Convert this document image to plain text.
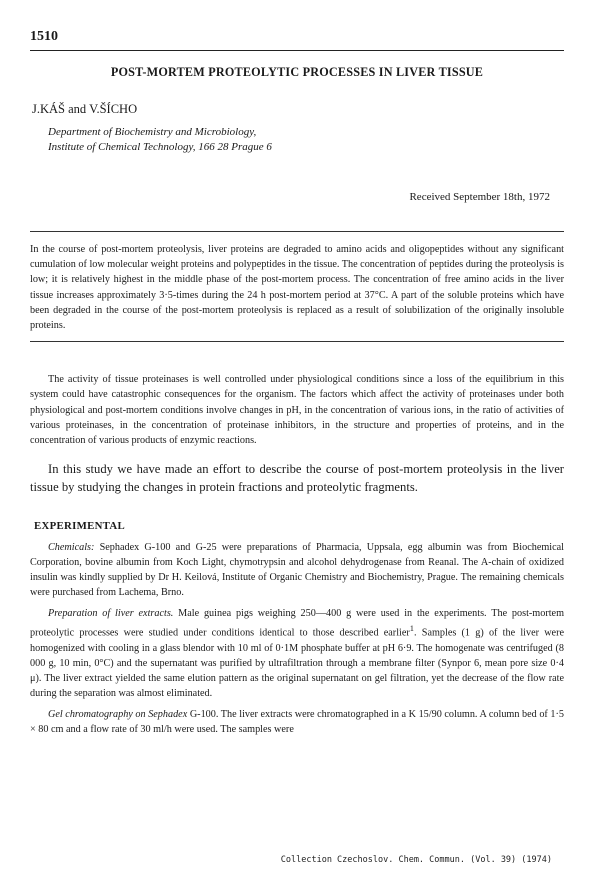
1510

POST-MORTEM PROTEOLYTIC PROCESSES IN LIVER TISSUE

J.KÁŠ and V.ŠÍCHO

Department of Biochemistry and Microbiology,
Institute of Chemical Technology, 166 28 Prague 6

Received September 18th, 1972

In the course of post-mortem proteolysis, liver proteins are degraded to amino acids and oligopeptides without any significant cumulation of low molecular weight proteins and polypeptides in the tissue. The concentration of peptides during the proteolysis is low; it is relatively highest in the middle phase of the post-mortem process. The concentration of free amino acids in the liver tissue increases approximately 3·5-times during the 24 h post-mortem period at 37°C. A part of the soluble proteins which have been degraded in the course of the post-mortem proteolysis is replaced as a result of solubilization of the originally insoluble proteins.

The activity of tissue proteinases is well controlled under physiological conditions since a loss of the equilibrium in this system could have catastrophic consequences for the organism. The factors which affect the activity of proteinases under both physiological and post-mortem conditions involve changes in pH, in the concentration of various ions, in the ratio of activities of various proteinases, in the concentration of proteinase inhibitors, in the structure and properties of proteins, and in the concentration of various products of enzymic reactions.

In this study we have made an effort to describe the course of post-mortem proteolysis in the liver tissue by studying the changes in protein fractions and proteolytic fragments.

EXPERIMENTAL

Chemicals: Sephadex G-100 and G-25 were preparations of Pharmacia, Uppsala, egg albumin was from Biochemical Corporation, bovine albumin from Koch Light, chymotrypsin and alcohol dehydrogenase from Reanal. The A-chain of oxidized insulin was kindly supplied by Dr H. Keilová, Institute of Organic Chemistry and Biochemistry, Prague. The remaining chemicals were purchased from Lachema, Brno.

Preparation of liver extracts. Male guinea pigs weighing 250—400 g were used in the experiments. The post-mortem proteolytic processes were studied under conditions identical to those described earlier$^1$. Samples (1 g) of the liver were homogenized with cooling in a glass blendor with 10 ml of 0·1M phosphate buffer at pH 6·9. The homogenate was centrifuged (8 000 g, 10 min, 0°C) and the supernatant was purified by ultrafiltration through a membrane filter (Synpor 6, mean pore size 0·4 μ). The liver extract yielded the same elution pattern as the original supernatant on gel filtration, yet the decrease of the flow rate during the separation was almost eliminated.

Gel chromatography on Sephadex G-100. The liver extracts were chromatographed in a K 15/90 column. A column bed of 1·5 × 80 cm and a flow rate of 30 ml/h were used. The samples were

Collection Czechoslov. Chem. Commun. (Vol. 39) (1974)
